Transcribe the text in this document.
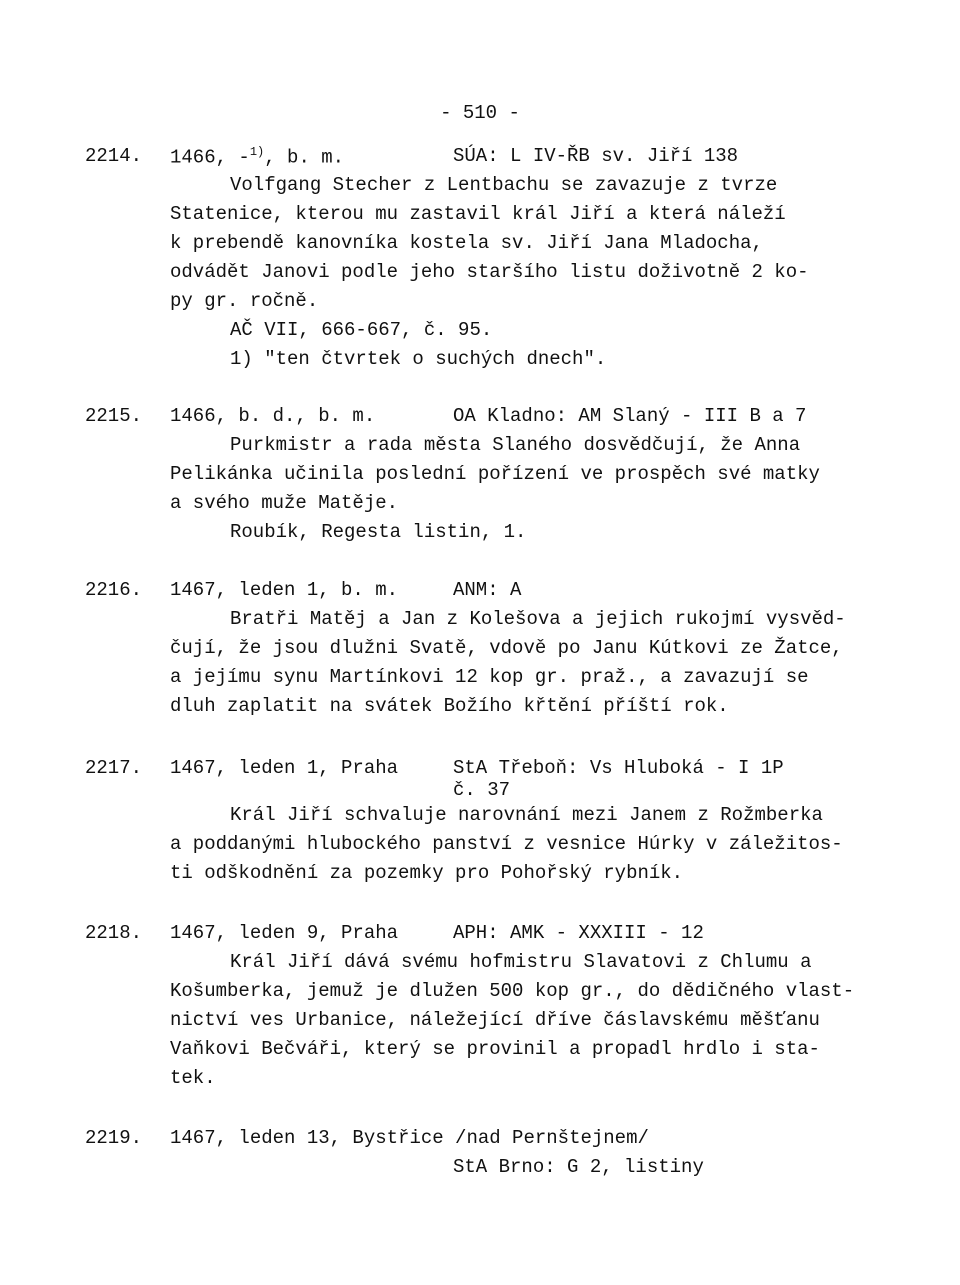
- 510 -
2214. 1466, -$^{1)}$, b. m.	SÚA: L IV-ŘB sv. Jiří 138
Volfgang Stecher z Lentbachu se zavazuje z tvrze
Statenice, kterou mu zastavil král Jiří a která náleží
k prebendě kanovníka kostela sv. Jiří Jana Mladocha,
odvádět Janovi podle jeho staršího listu doživotně 2 ko-
py gr. ročně.
AČ VII, 666-667, č. 95.
1) "ten čtvrtek o suchých dnech".
2215. 1466, b. d., b. m.	OA Kladno: AM Slaný - III B a 7
Purkmistr a rada města Slaného dosvědčují, že Anna
Pelikánka učinila poslední pořízení ve prospěch své matky
a svého muže Matěje.
Roubík, Regesta listin, 1.
2216. 1467, leden 1, b. m.	ANM: A
Bratři Matěj a Jan z Kolešova a jejich rukojmí vysvěd-
čují, že jsou dlužni Svatě, vdově po Janu Kútkovi ze Žatce,
a jejímu synu Martínkovi 12 kop gr. praž., a zavazují se
dluh zaplatit na svátek Božího křtění příští rok.
2217. 1467, leden 1, Praha	StA Třeboň: Vs Hluboká - I 1P
č. 37
Král Jiří schvaluje narovnání mezi Janem z Rožmberka
a poddanými hlubockého panství z vesnice Húrky v záležitos-
ti odškodnění za pozemky pro Pohořský rybník.
2218. 1467, leden 9, Praha	APH: AMK - XXXIII - 12
Král Jiří dává svému hofmistru Slavatovi z Chlumu a
Košumberka, jemuž je dlužen 500 kop gr., do dědičného vlast-
nictví ves Urbanice, náležející dříve čáslavskému měšťanu
Vaňkovi Bečváři, který se provinil a propadl hrdlo i sta-
tek.
2219. 1467, leden 13, Bystřice /nad Pernštejnem/
StA Brno: G 2, listiny
